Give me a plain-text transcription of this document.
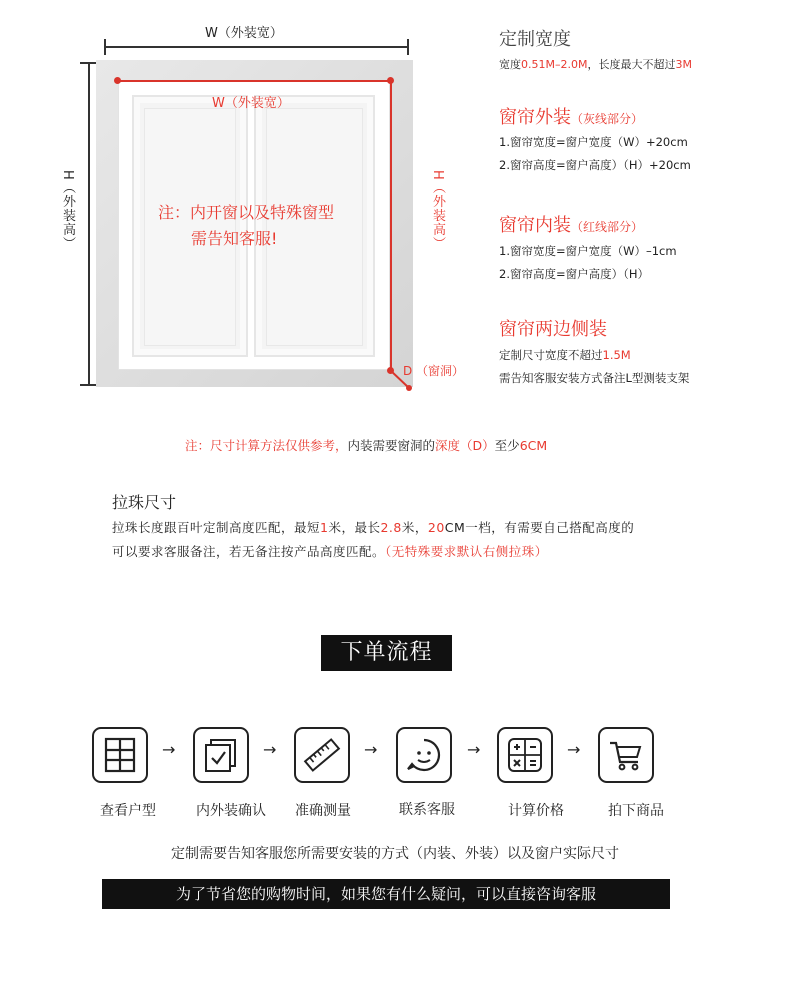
W（外装宽）
H（外装高）
W（外装宽）
H（外装高）
D （窗洞）
注：内开窗以及特殊窗型
需告知客服!
定制宽度
宽度0.51M–2.0M，长度最大不超过3M
窗帘外装（灰线部分）
1.窗帘宽度=窗户宽度（W）+20cm
2.窗帘高度=窗户高度）（H）+20cm
窗帘内装（红线部分）
1.窗帘宽度=窗户宽度（W）–1cm
2.窗帘高度=窗户高度）（H）
窗帘两边侧装
定制尺寸宽度不超过1.5M
需告知客服安装方式备注L型测装支架
注：尺寸计算方法仅供参考，内装需要窗洞的深度（D）至少6CM
拉珠尺寸
拉珠长度跟百叶定制高度匹配，最短1米，最长2.8米，20CM一档，有需要自己搭配高度的
可以要求客服备注，若无备注按产品高度匹配。（无特殊要求默认右侧拉珠）
下单流程
→	→	→	→	→
查看户型	内外装确认	准确测量	联系客服	计算价格	拍下商品
定制需要告知客服您所需要安装的方式（内装、外装）以及窗户实际尺寸
为了节省您的购物时间，如果您有什么疑问，可以直接咨询客服
